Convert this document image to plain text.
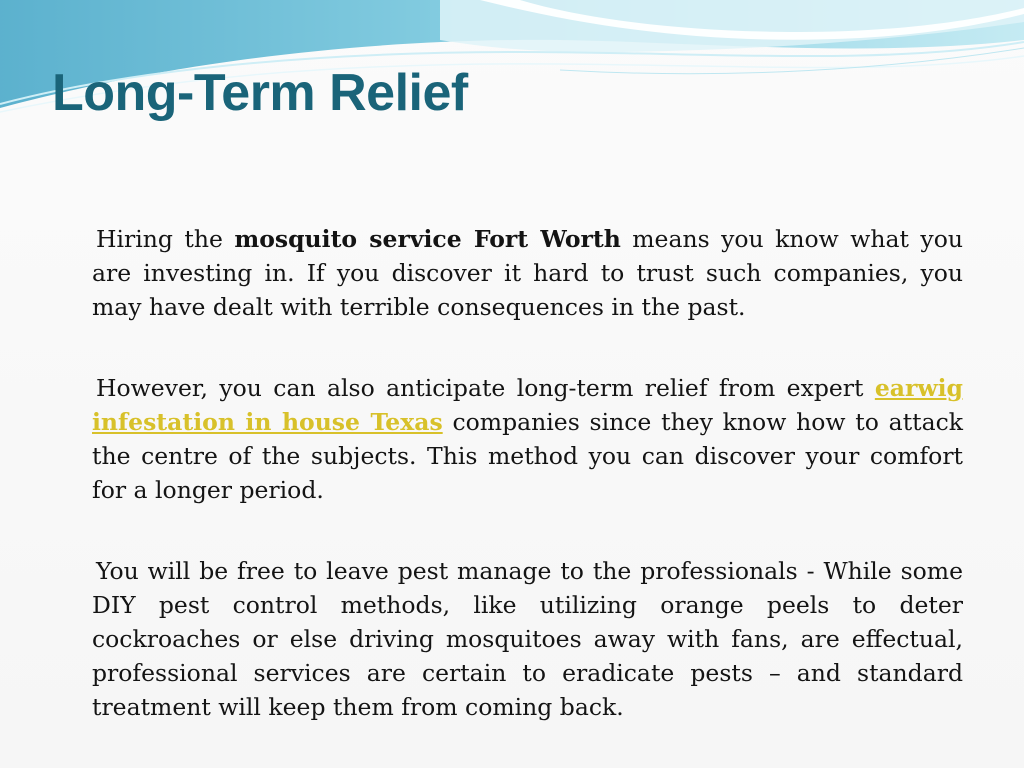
Long-Term Relief

Hiring the mosquito service Fort Worth means you know what you are investing in. If you discover it hard to trust such companies, you may have dealt with terrible consequences in the past.

However, you can also anticipate long-term relief from expert earwig infestation in house Texas companies since they know how to attack the centre of the subjects. This method you can discover your comfort for a longer period.

You will be free to leave pest manage to the professionals - While some DIY pest control methods, like utilizing orange peels to deter cockroaches or else driving mosquitoes away with fans, are effectual, professional services are certain to eradicate pests – and standard treatment will keep them from coming back.
